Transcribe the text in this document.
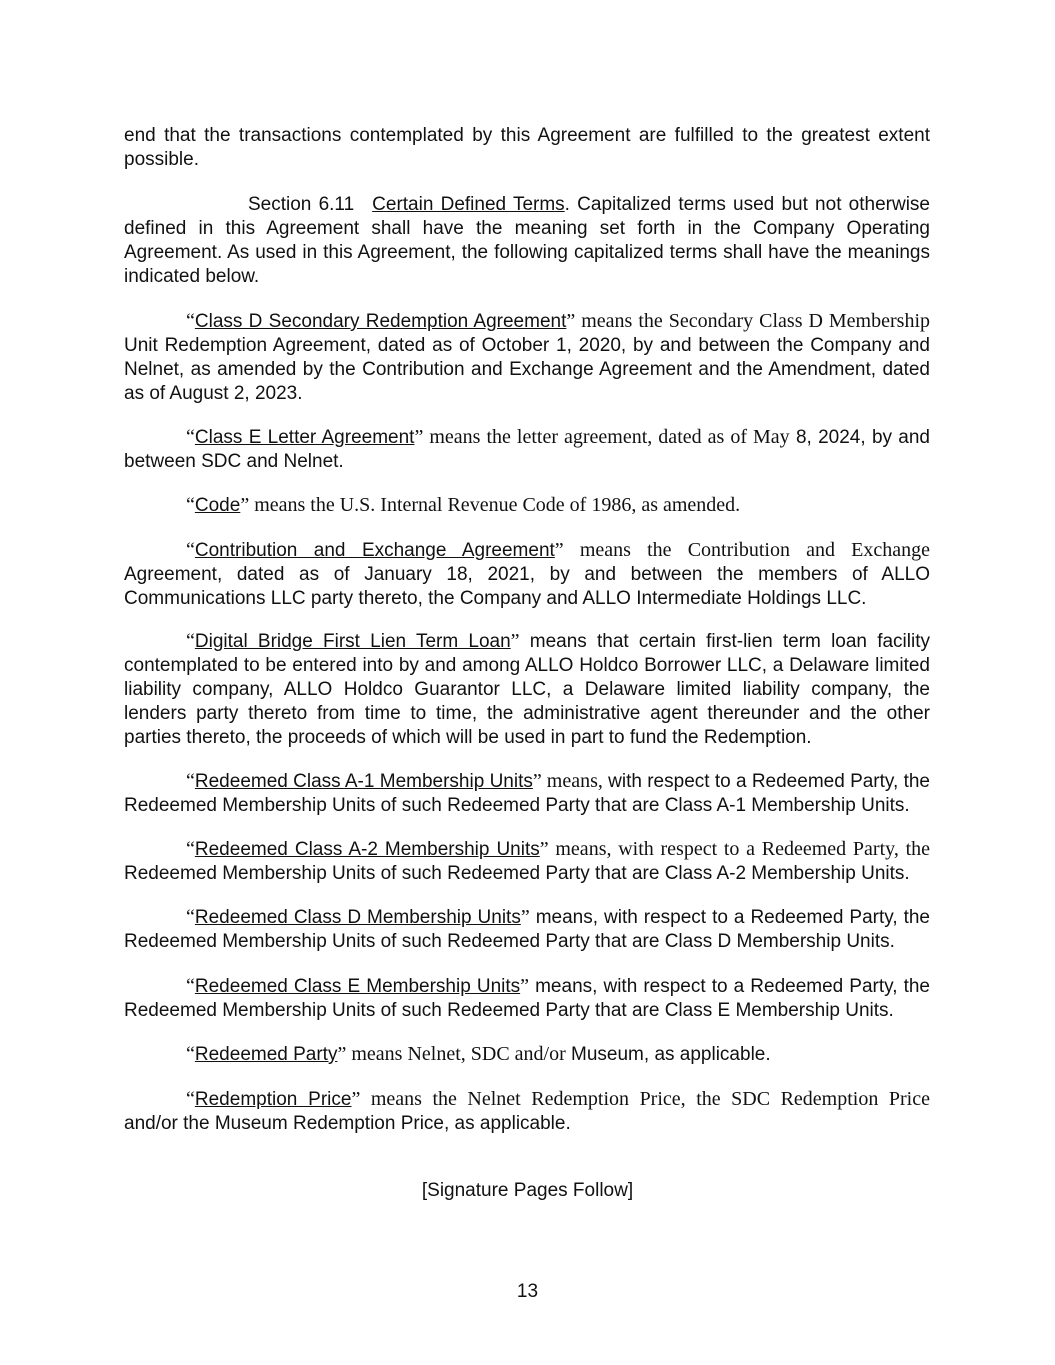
end that the transactions contemplated by this Agreement are fulfilled to the greatest extent possible.

Section 6.11 Certain Defined Terms. Capitalized terms used but not otherwise defined in this Agreement shall have the meaning set forth in the Company Operating Agreement. As used in this Agreement, the following capitalized terms shall have the meanings indicated below.

“Class D Secondary Redemption Agreement” means the Secondary Class D Membership Unit Redemption Agreement, dated as of October 1, 2020, by and between the Company and Nelnet, as amended by the Contribution and Exchange Agreement and the Amendment, dated as of August 2, 2023.

“Class E Letter Agreement” means the letter agreement, dated as of May 8, 2024, by and between SDC and Nelnet.

“Code” means the U.S. Internal Revenue Code of 1986, as amended.

“Contribution and Exchange Agreement” means the Contribution and Exchange Agreement, dated as of January 18, 2021, by and between the members of ALLO Communications LLC party thereto, the Company and ALLO Intermediate Holdings LLC.

“Digital Bridge First Lien Term Loan” means that certain first-lien term loan facility contemplated to be entered into by and among ALLO Holdco Borrower LLC, a Delaware limited liability company, ALLO Holdco Guarantor LLC, a Delaware limited liability company, the lenders party thereto from time to time, the administrative agent thereunder and the other parties thereto, the proceeds of which will be used in part to fund the Redemption.

“Redeemed Class A-1 Membership Units” means, with respect to a Redeemed Party, the Redeemed Membership Units of such Redeemed Party that are Class A-1 Membership Units.

“Redeemed Class A-2 Membership Units” means, with respect to a Redeemed Party, the Redeemed Membership Units of such Redeemed Party that are Class A-2 Membership Units.

“Redeemed Class D Membership Units” means, with respect to a Redeemed Party, the Redeemed Membership Units of such Redeemed Party that are Class D Membership Units.

“Redeemed Class E Membership Units” means, with respect to a Redeemed Party, the Redeemed Membership Units of such Redeemed Party that are Class E Membership Units.

“Redeemed Party” means Nelnet, SDC and/or Museum, as applicable.

“Redemption Price” means the Nelnet Redemption Price, the SDC Redemption Price and/or the Museum Redemption Price, as applicable.

[Signature Pages Follow]

13
